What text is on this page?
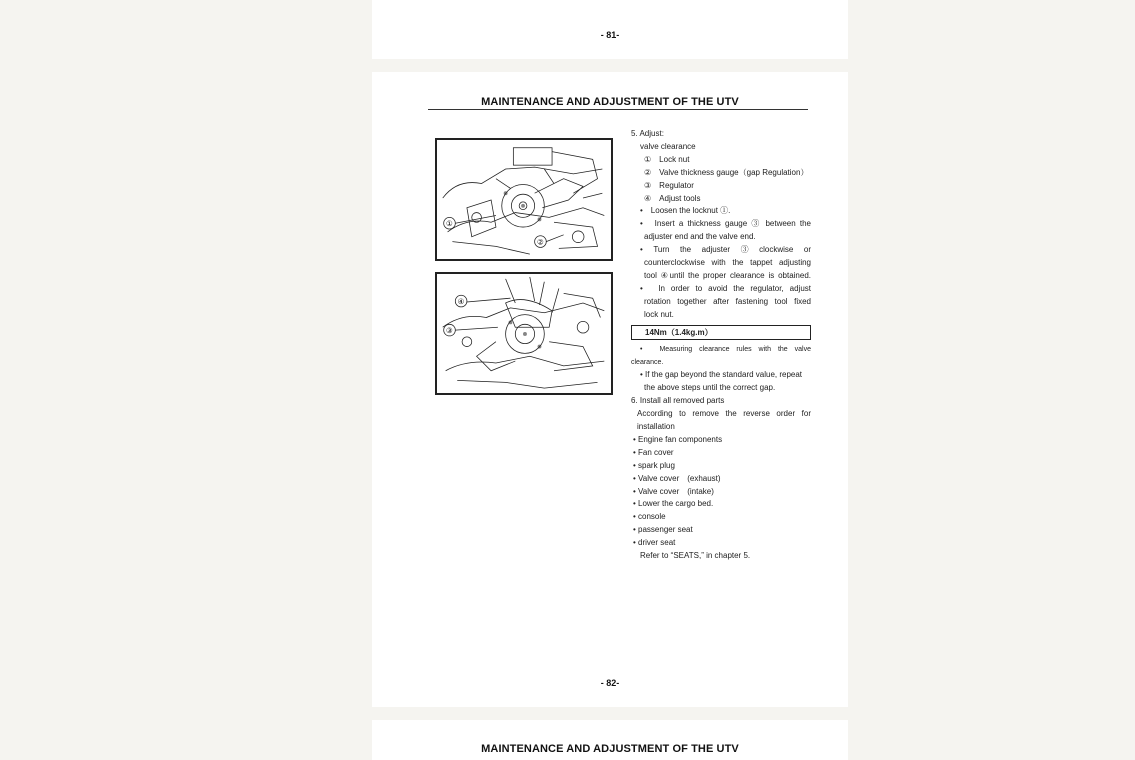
- 81-
MAINTENANCE AND ADJUSTMENT OF THE UTV
①
②
④
③
5. Adjust:
valve clearance
①　Lock nut
②　Valve thickness gauge（gap Regulation）
③　Regulator
④　Adjust tools
•　Loosen the locknut ①.
•　Insert a thickness gauge ③ between the
adjuster end and the valve end.
•　Turn　the　adjuster　③　clockwise　or
counterclockwise with the tappet adjusting
tool ④until the proper clearance is obtained.
•　In order to avoid the regulator, adjust
rotation together after fastening tool fixed
lock nut.
14Nm（1.4kg.m）
•　Measuring clearance rules with the valve
clearance.
• If the gap beyond the standard value, repeat
the above steps until the correct gap.
6. Install all removed parts
According to remove the reverse order for
installation
• Engine fan components
• Fan cover
• spark plug
• Valve cover　(exhaust)
• Valve cover　(intake)
• Lower the cargo bed.
• console
• passenger seat
• driver seat
Refer to “SEATS,” in chapter 5.
- 82-
MAINTENANCE AND ADJUSTMENT OF THE UTV
